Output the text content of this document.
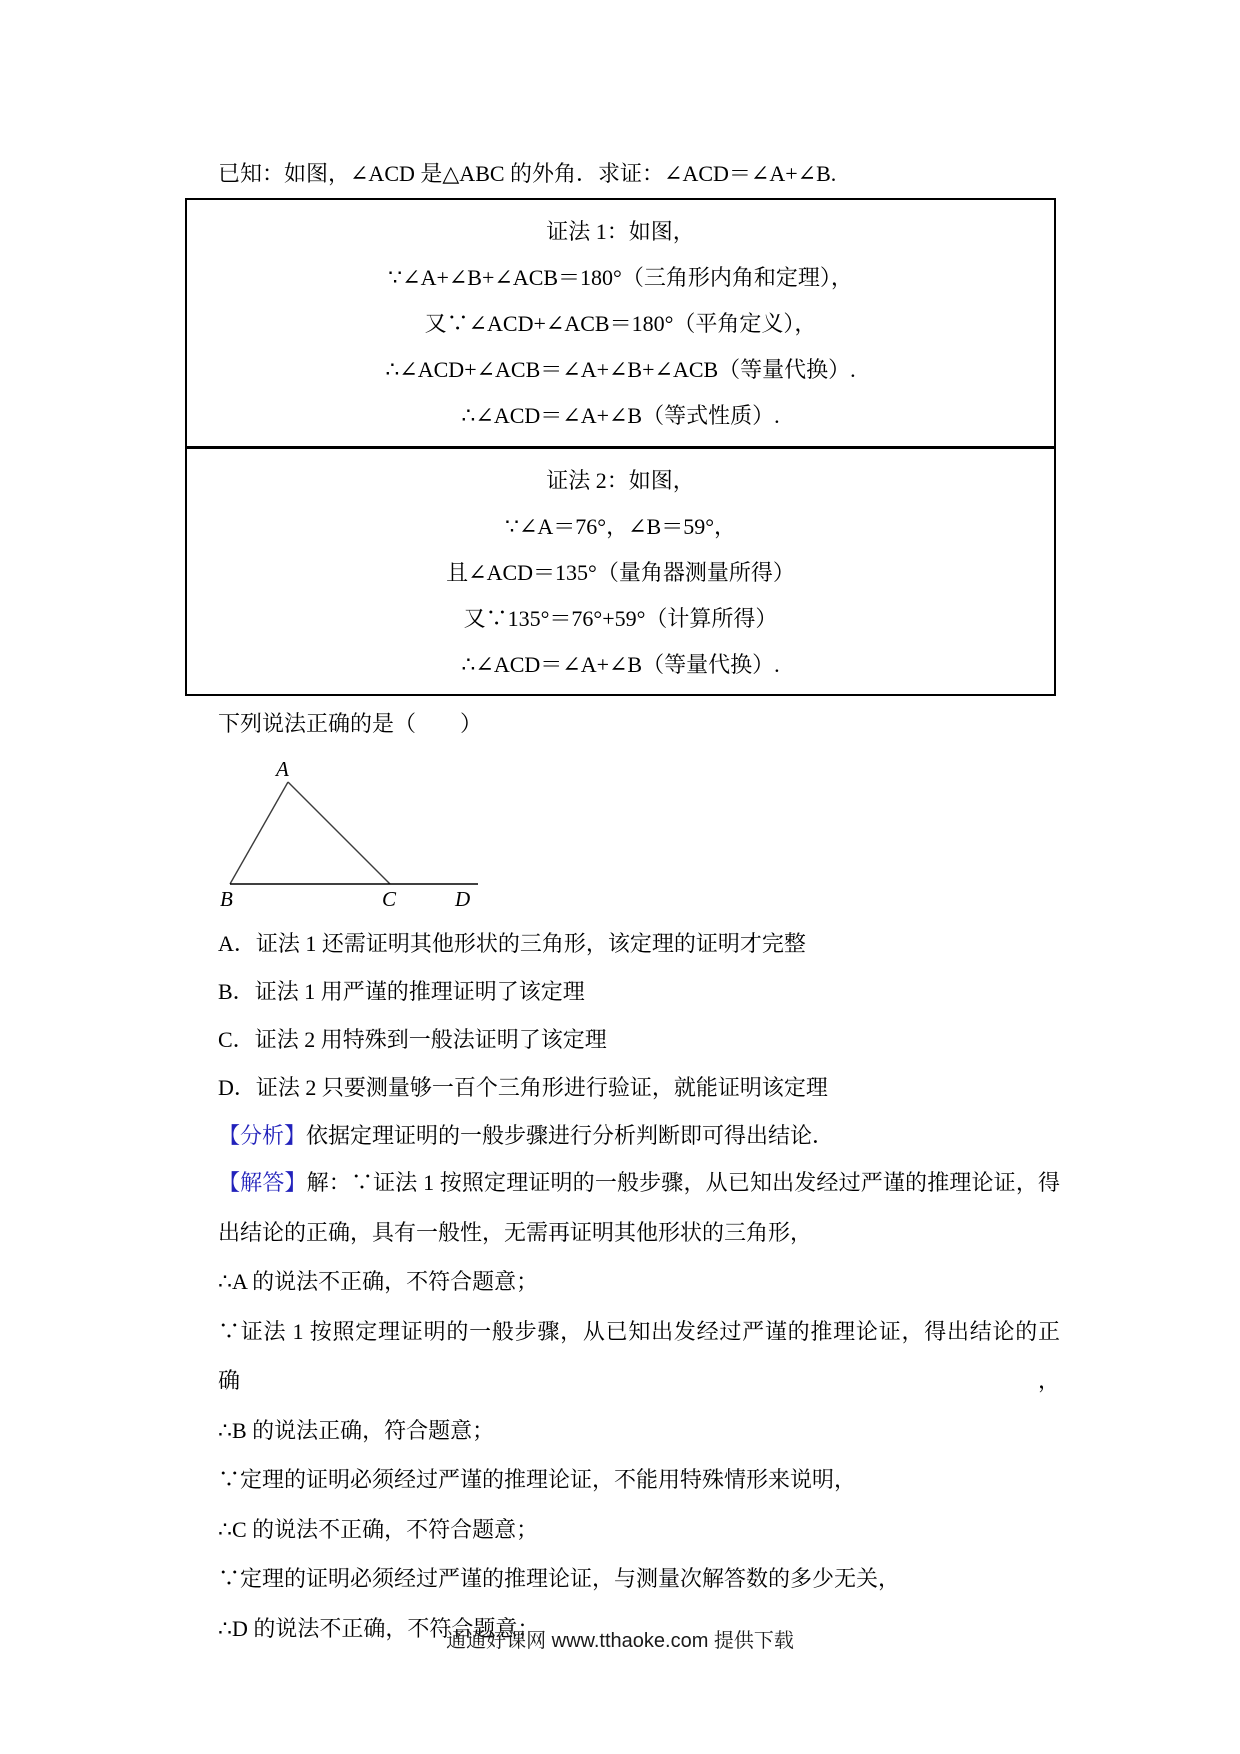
已知：如图，∠ACD 是△ABC 的外角．求证：∠ACD＝∠A+∠B.
证法 1：如图，
∵∠A+∠B+∠ACB＝180°（三角形内角和定理），
又∵∠ACD+∠ACB＝180°（平角定义），
∴∠ACD+∠ACB＝∠A+∠B+∠ACB（等量代换）.
∴∠ACD＝∠A+∠B（等式性质）.
证法 2：如图，
∵∠A＝76°，∠B＝59°，
且∠ACD＝135°（量角器测量所得）
又∵135°＝76°+59°（计算所得）
∴∠ACD＝∠A+∠B（等量代换）.
下列说法正确的是（　　）
A
B	C	D
A．证法 1 还需证明其他形状的三角形，该定理的证明才完整
B．证法 1 用严谨的推理证明了该定理
C．证法 2 用特殊到一般法证明了该定理
D．证法 2 只要测量够一百个三角形进行验证，就能证明该定理
【分析】依据定理证明的一般步骤进行分析判断即可得出结论．
【解答】解：∵证法 1 按照定理证明的一般步骤，从已知出发经过严谨的推理论证，得
出结论的正确，具有一般性，无需再证明其他形状的三角形，
∴A 的说法不正确，不符合题意；
∵证法 1 按照定理证明的一般步骤，从已知出发经过严谨的推理论证，得出结论的正确，
∴B 的说法正确，符合题意；
∵定理的证明必须经过严谨的推理论证，不能用特殊情形来说明，
∴C 的说法不正确，不符合题意；
∵定理的证明必须经过严谨的推理论证，与测量次解答数的多少无关，
∴D 的说法不正确，不符合题意；
通通好课网 www.tthaoke.com 提供下载
